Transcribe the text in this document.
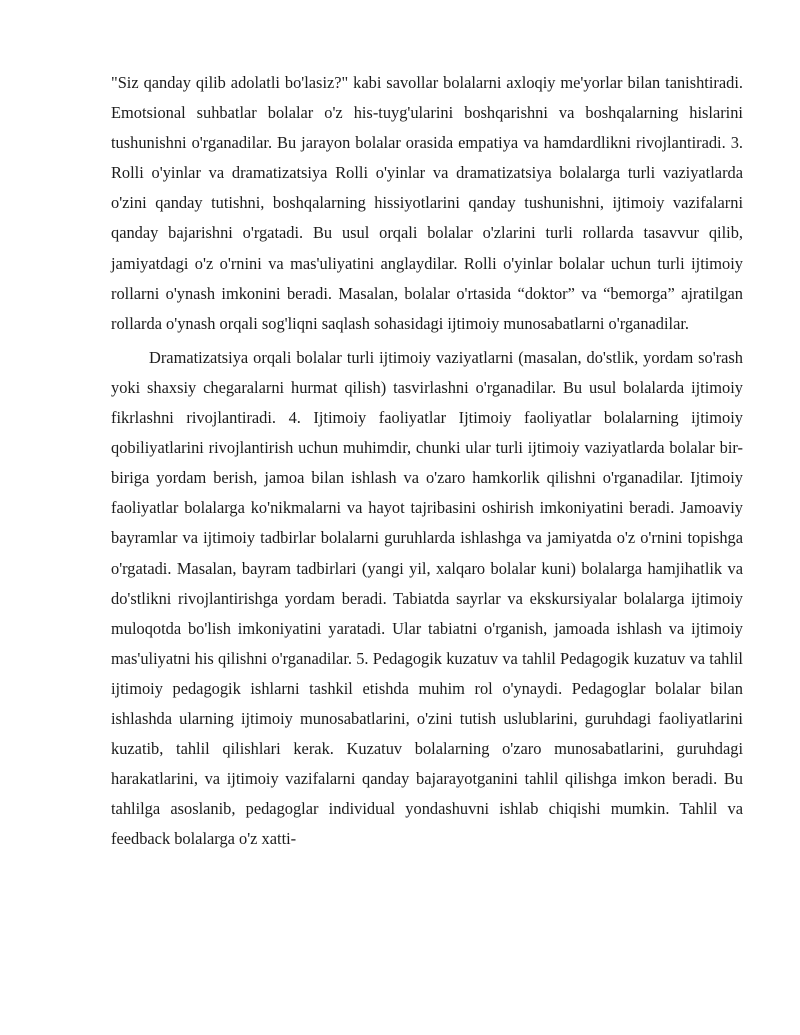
"Siz qanday qilib adolatli bo'lasiz?" kabi savollar bolalarni axloqiy me'yorlar bilan tanishtiradi. Emotsional suhbatlar bolalar o'z his-tuyg'ularini boshqarishni va boshqalarning hislarini tushunishni o'rganadilar. Bu jarayon bolalar orasida empatiya va hamdardlikni rivojlantiradi. 3. Rolli o'yinlar va dramatizatsiya Rolli o'yinlar va dramatizatsiya bolalarga turli vaziyatlarda o'zini qanday tutishni, boshqalarning hissiyotlarini qanday tushunishni, ijtimoiy vazifalarni qanday bajarishni o'rgatadi. Bu usul orqali bolalar o'zlarini turli rollarda tasavvur qilib, jamiyatdagi o'z o'rnini va mas'uliyatini anglaydilar. Rolli o'yinlar bolalar uchun turli ijtimoiy rollarni o'ynash imkonini beradi. Masalan, bolalar o'rtasida “doktor” va “bemorga” ajratilgan rollarda o'ynash orqali sog'liqni saqlash sohasidagi ijtimoiy munosabatlarni o'rganadilar.

Dramatizatsiya orqali bolalar turli ijtimoiy vaziyatlarni (masalan, do'stlik, yordam so'rash yoki shaxsiy chegaralarni hurmat qilish) tasvirlashni o'rganadilar. Bu usul bolalarda ijtimoiy fikrlashni rivojlantiradi. 4. Ijtimoiy faoliyatlar Ijtimoiy faoliyatlar bolalarning ijtimoiy qobiliyatlarini rivojlantirish uchun muhimdir, chunki ular turli ijtimoiy vaziyatlarda bolalar bir-biriga yordam berish, jamoa bilan ishlash va o'zaro hamkorlik qilishni o'rganadilar. Ijtimoiy faoliyatlar bolalarga ko'nikmalarni va hayot tajribasini oshirish imkoniyatini beradi. Jamoaviy bayramlar va ijtimoiy tadbirlar bolalarni guruhlarda ishlashga va jamiyatda o'z o'rnini topishga o'rgatadi. Masalan, bayram tadbirlari (yangi yil, xalqaro bolalar kuni) bolalarga hamjihatlik va do'stlikni rivojlantirishga yordam beradi. Tabiatda sayrlar va ekskursiyalar bolalarga ijtimoiy muloqotda bo'lish imkoniyatini yaratadi. Ular tabiatni o'rganish, jamoada ishlash va ijtimoiy mas'uliyatni his qilishni o'rganadilar. 5. Pedagogik kuzatuv va tahlil Pedagogik kuzatuv va tahlil ijtimoiy pedagogik ishlarni tashkil etishda muhim rol o'ynaydi. Pedagoglar bolalar bilan ishlashda ularning ijtimoiy munosabatlarini, o'zini tutish uslublarini, guruhdagi faoliyatlarini kuzatib, tahlil qilishlari kerak. Kuzatuv bolalarning o'zaro munosabatlarini, guruhdagi harakatlarini, va ijtimoiy vazifalarni qanday bajarayotganini tahlil qilishga imkon beradi. Bu tahlilga asoslanib, pedagoglar individual yondashuvni ishlab chiqishi mumkin. Tahlil va feedback bolalarga o'z xatti-
